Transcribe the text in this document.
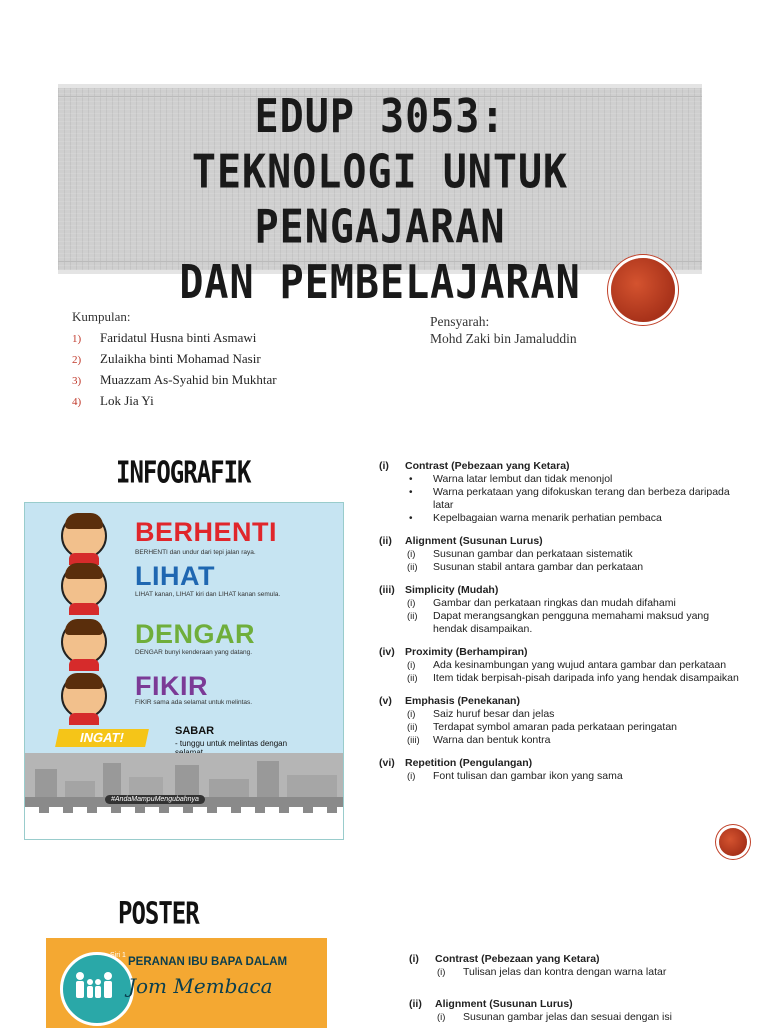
EDUP 3053:
TEKNOLOGI UNTUK PENGAJARAN
DAN PEMBELAJARAN
Kumpulan:
1) Faridatul Husna binti Asmawi
2) Zulaikha binti Mohamad Nasir
3) Muazzam As-Syahid bin Mukhtar
4) Lok Jia Yi
Pensyarah:
Mohd Zaki bin Jamaluddin
INFOGRAFIK
BERHENTI
BERHENTI dan undur dari tepi jalan raya.
LIHAT
LIHAT kanan, LIHAT kiri dan LIHAT kanan semula.
DENGAR
DENGAR bunyi kenderaan yang datang.
FIKIR
FIKIR sama ada selamat untuk melintas.
INGAT!	SABAR
- tunggu untuk melintas dengan
#AndaMampuMengubahnya
(i) Contrast (Pebezaan yang Ketara)
•	Warna latar lembut dan tidak menonjol
•	Warna perkataan yang difokuskan terang dan berbeza daripada latar
•	Kepelbagaian warna menarik perhatian pembaca
(ii) Alignment (Susunan Lurus)
(i)	Susunan gambar dan perkataan sistematik
(ii)	Susunan stabil antara gambar dan perkataan
(iii) Simplicity (Mudah)
(i)	Gambar dan perkataan ringkas dan mudah difahami
(ii)	Dapat merangsangkan pengguna memahami maksud yang hendak disampaikan.
(iv) Proximity (Berhampiran)
(i)	Ada kesinambungan yang wujud antara gambar dan perkataan
(ii)	Item tidak berpisah-pisah daripada info yang hendak disampaikan
(v) Emphasis (Penekanan)
(i)	Saiz huruf besar dan jelas
(ii)	Terdapat symbol amaran pada perkataan peringatan
(iii)	Warna dan bentuk kontra
(vi) Repetition (Pengulangan)
(i)	Font tulisan dan gambar ikon yang sama
POSTER
Siri 1
PERANAN IBU BAPA DALAM
Jom Membaca
(i) Contrast (Pebezaan yang Ketara)
(i)	Tulisan jelas dan kontra dengan warna latar
(ii) Alignment (Susunan Lurus)
(i)	Susunan gambar jelas dan sesuai dengan isi
